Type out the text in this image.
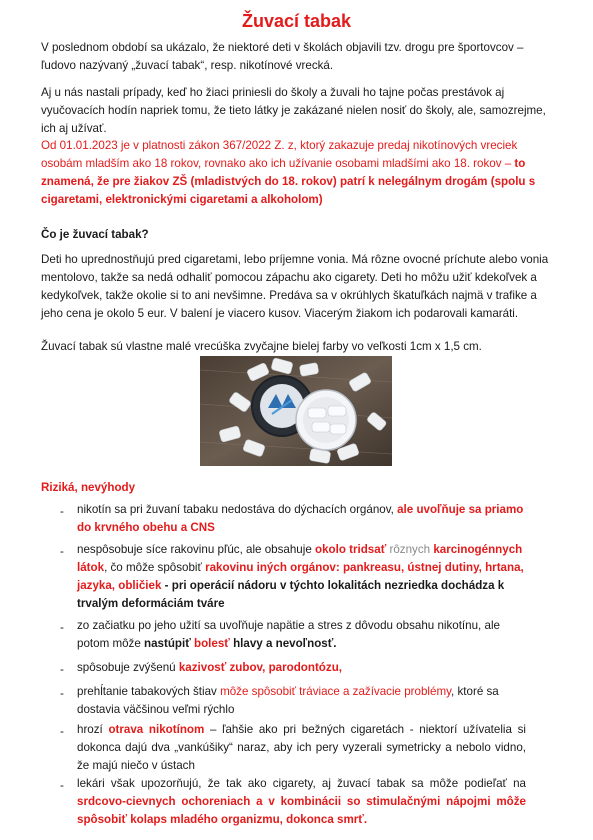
Žuvací tabak
V poslednom období sa ukázalo, že niektoré deti v školách objavili tzv. drogu pre športovcov – ľudovo nazývaný „žuvací tabak“, resp. nikotínové vrecká.
Aj u nás nastali prípady, keď ho žiaci priniesli do školy a žuvali ho tajne počas prestávok aj vyučovacích hodín napriek tomu, že tieto látky je zakázané nielen nosiť do školy, ale, samozrejme, ich aj užívať.
Od 01.01.2023 je v platnosti zákon 367/2022 Z. z, ktorý zakazuje predaj nikotínových vreciek osobám mladším ako 18 rokov, rovnako ako ich užívanie osobami mladšími ako 18. rokov – to znamená, že pre žiakov ZŠ (mladistvých do 18. rokov) patrí k nelegálnym drogám (spolu s cigaretami, elektronickými cigaretami a alkoholom)
Čo je žuvací tabak?
Deti ho uprednostňujú pred cigaretami, lebo príjemne vonia. Má rôzne ovocné príchute alebo vonia mentolovo, takže sa nedá odhaliť pomocou zápachu ako cigarety. Deti ho môžu užiť kdekoľvek a kedykoľvek, takže okolie si to ani nevšimne. Predáva sa v okrúhlych škatuľkách najmä v trafike a jeho cena je okolo 5 eur. V balení je viacero kusov. Viacerým žiakom ich podarovali kamaráti.
Žuvací tabak sú vlastne malé vrecúška zvyčajne bielej farby vo veľkosti 1cm x 1,5 cm.
Riziká, nevýhody
- nikotín sa pri žuvaní tabaku nedostáva do dýchacích orgánov, ale uvoľňuje sa priamo do krvného obehu a CNS
- nespôsobuje síce rakovinu pľúc, ale obsahuje okolo tridsať rôznych karcinogénnych látok, čo môže spôsobiť rakovinu iných orgánov: pankreasu, ústnej dutiny, hrtana, jazyka, obličiek - pri operácií nádoru v týchto lokalitách nezriedka dochádza k trvalým deformáciám tváre
- zo začiatku po jeho užití sa uvoľňuje napätie a stres z dôvodu obsahu nikotínu, ale potom môže nastúpiť bolesť hlavy a nevoľnosť.
- spôsobuje zvýšenú kazivosť zubov, parodontózu,
- prehĺtanie tabakových štiav môže spôsobiť tráviace a zažívacie problémy, ktoré sa dostavia väčšinou veľmi rýchlo
- hrozí otrava nikotínom – ľahšie ako pri bežných cigaretách - niektorí užívatelia si dokonca dajú dva „vankúšiky“ naraz, aby ich pery vyzerali symetricky a nebolo vidno, že majú niečo v ústach
- lekári však upozorňujú, že tak ako cigarety, aj žuvací tabak sa môže podieľať na srdcovo-cievnych ochoreniach a v kombinácii so stimulačnými nápojmi môže spôsobiť kolaps mladého organizmu, dokonca smrť.
